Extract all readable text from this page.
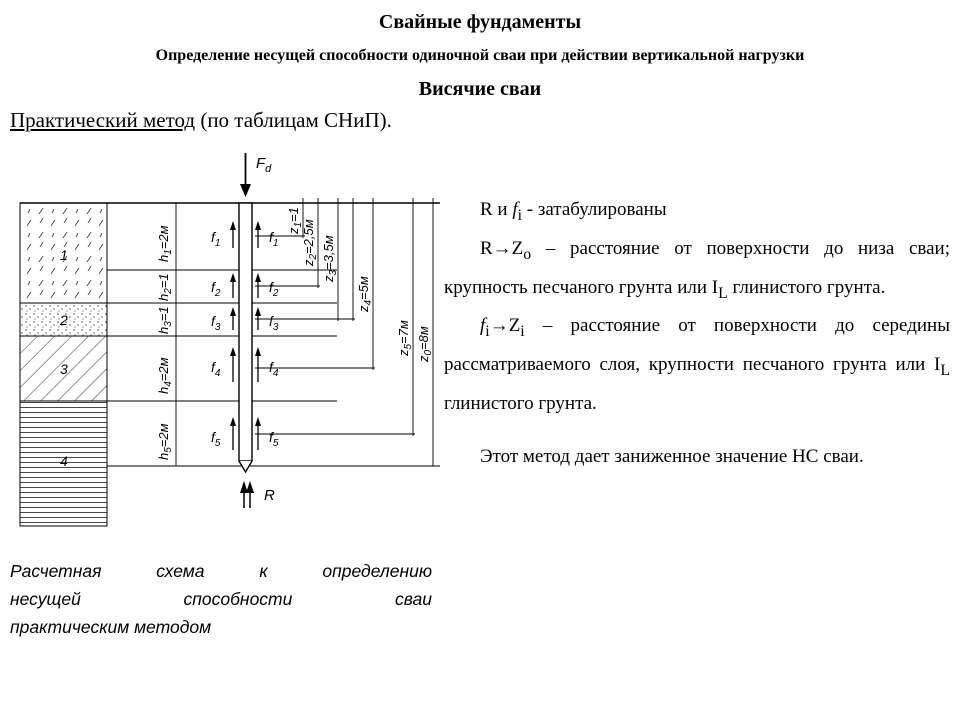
Свайные фундаменты
Определение несущей способности одиночной сваи при действии вертикальной нагрузки
Висячие сваи
Практический метод (по таблицам СНиП).
$F_d$
R
$f_1$
$f_2$
$f_3$
$f_4$
$f_5$
$f_1$
$f_2$
$f_3$
$f_4$
$f_5$
$h_1=2м$
$h_2=1$
$h_3=1$
$h_4=2м$
$h_5=2м$
$z_1=1$
$z_2=2,5м$
$z_3=3,5м$
$z_4=5м$
$z_5=7м$
$z_0=8м$
1
2
3
4

R и $f_i$ - затабулированы

$R\to Z_o$ – расстояние от поверхности до низа сваи; крупность песчаного грунта или $I_L$ глинистого грунта.

$f_i\to Z_i$ – расстояние от поверхности до середины рассматриваемого слоя, крупности песчаного грунта или $I_L$ глинистого грунта.

Этот метод дает заниженное значение НС сваи.

Расчетная схема к определению

несущей способности сваи

практическим методом
